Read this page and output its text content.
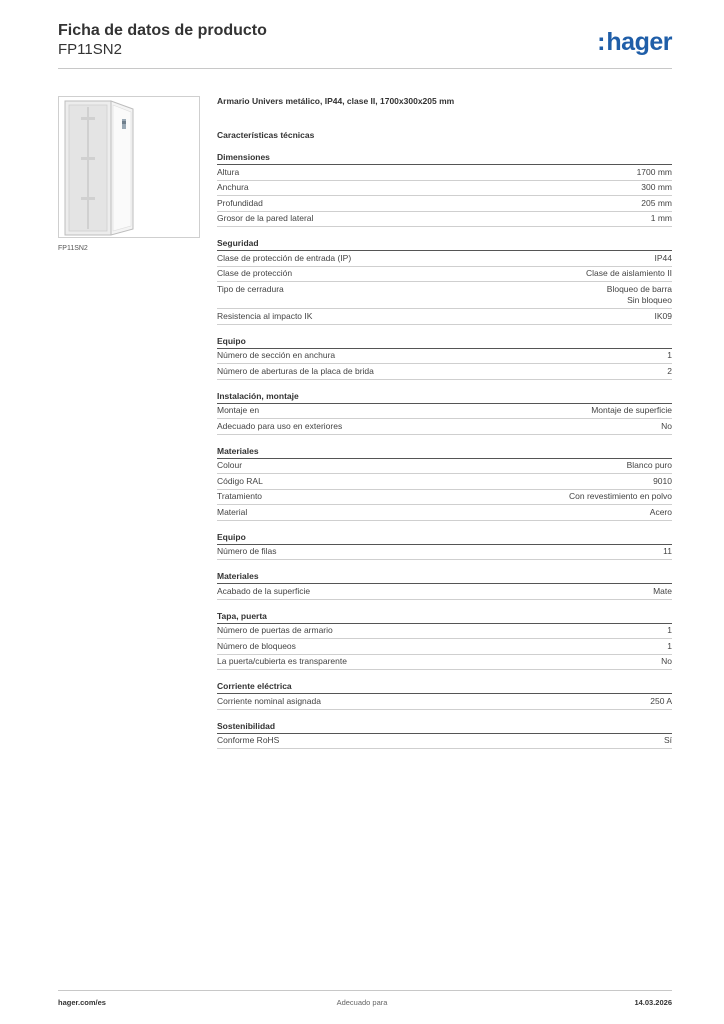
Ficha de datos de producto
FP11SN2	:hager
FP11SN2

Armario Univers metálico, IP44, clase II, 1700x300x205 mm

Características técnicas
Dimensiones
Altura	1700 mm
Anchura	300 mm
Profundidad	205 mm
Grosor de la pared lateral	1 mm
Seguridad
Clase de protección de entrada (IP)	IP44
Clase de protección	Clase de aislamiento II
Tipo de cerradura	Bloqueo de barra
Sin bloqueo
Resistencia al impacto IK	IK09
Equipo
Número de sección en anchura	1
Número de aberturas de la placa de brida	2
Instalación, montaje
Montaje en	Montaje de superficie
Adecuado para uso en exteriores	No
Materiales
Colour	Blanco puro
Código RAL	9010
Tratamiento	Con revestimiento en polvo
Material	Acero
Equipo
Número de filas	11
Materiales
Acabado de la superficie	Mate
Tapa, puerta
Número de puertas de armario	1
Número de bloqueos	1
La puerta/cubierta es transparente	No
Corriente eléctrica
Corriente nominal asignada	250 A
Sostenibilidad
Conforme RoHS	Sí
hager.com/es	Adecuado para	14.03.2026
